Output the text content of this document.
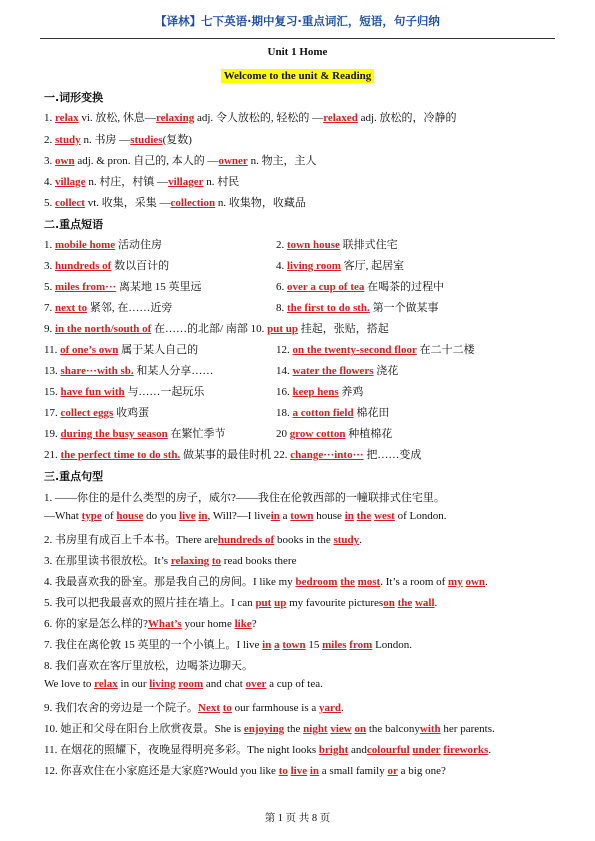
【译林】七下英语·期中复习·重点词汇，短语，句子归纳
Unit 1 Home
Welcome to the unit & Reading
一.词形变换
1. relax vi. 放松, 休息—relaxing adj. 令人放松的, 轻松的 —relaxed adj. 放松的，冷静的
2. study n. 书房 —studies(复数)
3. own adj. & pron. 自己的, 本人的 —owner n. 物主，主人
4. village n. 村庄，村镇 —villager n. 村民
5. collect vt. 收集，采集 —collection n. 收集物，收藏品
二.重点短语
1. mobile home 活动住房	2. town house 联排式住宅
3. hundreds of 数以百计的	4. living room 客厅, 起居室
5. miles from··· 离某地 15 英里远	6. over a cup of tea 在喝茶的过程中
7. next to 紧邻, 在……近旁	8. the first to do sth. 第一个做某事
9. in the north/south of 在……的北部/ 南部 10. put up 挂起，张贴，搭起
11. of one’s own 属于某人自己的	12. on the twenty-second floor 在二十二楼
13. share···with sb. 和某人分享……	14. water the flowers 浇花
15. have fun with 与……一起玩乐	16. keep hens 养鸡
17. collect eggs 收鸡蛋	18. a cotton field 棉花田
19. during the busy season 在繁忙季节	20 grow cotton 种植棉花
21. the perfect time to do sth. 做某事的最佳时机 22. change···into··· 把……变成
三.重点句型
1. ——你住的是什么类型的房子，威尔?——我住在伦敦西部的一幢联排式住宅里。
—What type of house do you live in, Will?—I livein a town house in the west of London.
2. 书房里有成百上千本书。There arehundreds of books in the study.
3. 在那里读书很放松。It’s relaxing to read books there
4. 我最喜欢我的卧室。那是我自己的房间。I like my bedroom the most. It’s a room of my own.
5. 我可以把我最喜欢的照片挂在墙上。I can put up my favourite pictureson the wall.
6. 你的家是怎么样的?What’s your home like?
7. 我住在离伦敦 15 英里的一个小镇上。I live in a town 15 miles from London.
8. 我们喜欢在客厅里放松，边喝茶边聊天。
We love to relax in our living room and chat over a cup of tea.
9. 我们农舍的旁边是一个院子。Next to our farmhouse is a yard.
10. 她正和父母在阳台上欣赏夜景。She is enjoying the night view on the balconywith her parents.
11. 在烟花的照耀下，夜晚显得明亮多彩。The night looks bright andcolourful under fireworks.
12. 你喜欢住在小家庭还是大家庭?Would you like to live in a small family or a big one?
第 1 页 共 8 页
